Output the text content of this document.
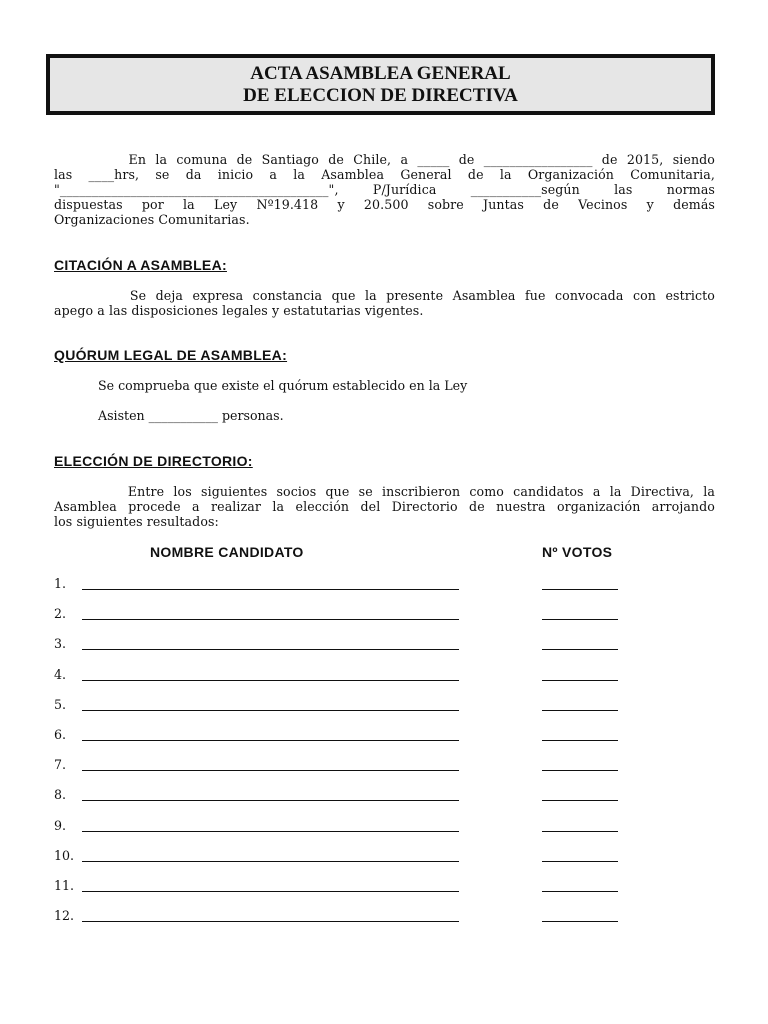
ACTA ASAMBLEA GENERAL
DE ELECCION DE DIRECTIVA
En la comuna de Santiago de Chile, a _____ de _________________ de 2015, siendo
las ____hrs, se da inicio a la Asamblea General de la Organización Comunitaria,
"__________________________________________", P/Jurídica ___________según las normas
dispuestas por la Ley Nº19.418 y 20.500 sobre Juntas de Vecinos y demás
Organizaciones Comunitarias.
CITACIÓN A ASAMBLEA:
Se deja expresa constancia que la presente Asamblea fue convocada con estricto
apego a las disposiciones legales y estatutarias vigentes.
QUÓRUM LEGAL DE ASAMBLEA:
Se comprueba que existe el quórum establecido en la Ley
Asisten ___________ personas.
ELECCIÓN DE DIRECTORIO:
Entre los siguientes socios que se inscribieron como candidatos a la Directiva, la
Asamblea procede a realizar la elección del Directorio de nuestra organización arrojando
los siguientes resultados:
NOMBRE CANDIDATO	Nº VOTOS
1.
2.
3.
4.
5.
6.
7.
8.
9.
10.
11.
12.
